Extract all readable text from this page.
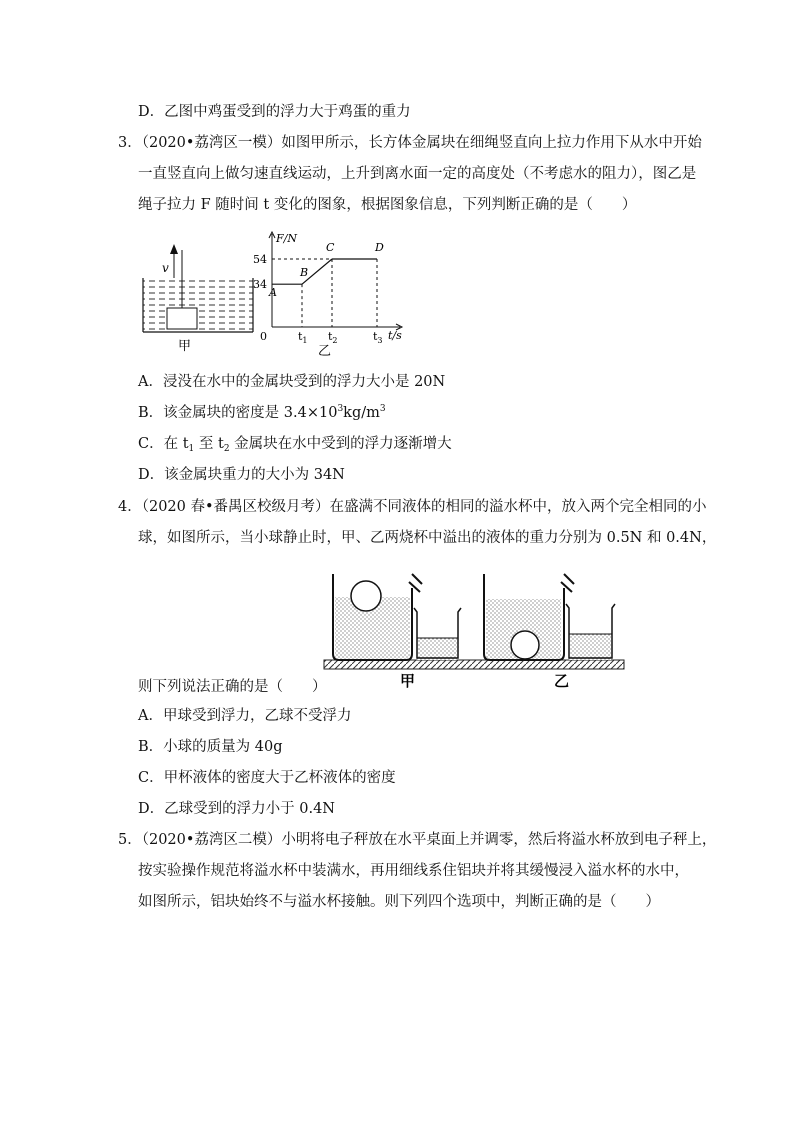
D．乙图中鸡蛋受到的浮力大于鸡蛋的重力
3．（2020•荔湾区一模）如图甲所示，长方体金属块在细绳竖直向上拉力作用下从水中开始
一直竖直向上做匀速直线运动，上升到离水面一定的高度处（不考虑水的阻力），图乙是
绳子拉力 F 随时间 t 变化的图象，根据图象信息，下列判断正确的是（　　）
v
甲
F/N
t/s
0
乙
34
54
$t_1$ $t_2$	$t_3$
A
B
C	D
A．浸没在水中的金属块受到的浮力大小是 20N
B．该金属块的密度是 $3.4\times 10^3kg/m^3$
C．在 $t_1$ 至 $t_2$ 金属块在水中受到的浮力逐渐增大
D．该金属块重力的大小为 34N
4．（2020 春•番禺区校级月考）在盛满不同液体的相同的溢水杯中，放入两个完全相同的小
球，如图所示，当小球静止时，甲、乙两烧杯中溢出的液体的重力分别为 0.5N 和 0.4N，
甲	乙
则下列说法正确的是（　　）
A．甲球受到浮力，乙球不受浮力
B．小球的质量为 40g
C．甲杯液体的密度大于乙杯液体的密度
D．乙球受到的浮力小于 0.4N
5．（2020•荔湾区二模）小明将电子秤放在水平桌面上并调零，然后将溢水杯放到电子秤上，
按实验操作规范将溢水杯中装满水，再用细线系住铝块并将其缓慢浸入溢水杯的水中，
如图所示，铝块始终不与溢水杯接触。则下列四个选项中，判断正确的是（　　）
